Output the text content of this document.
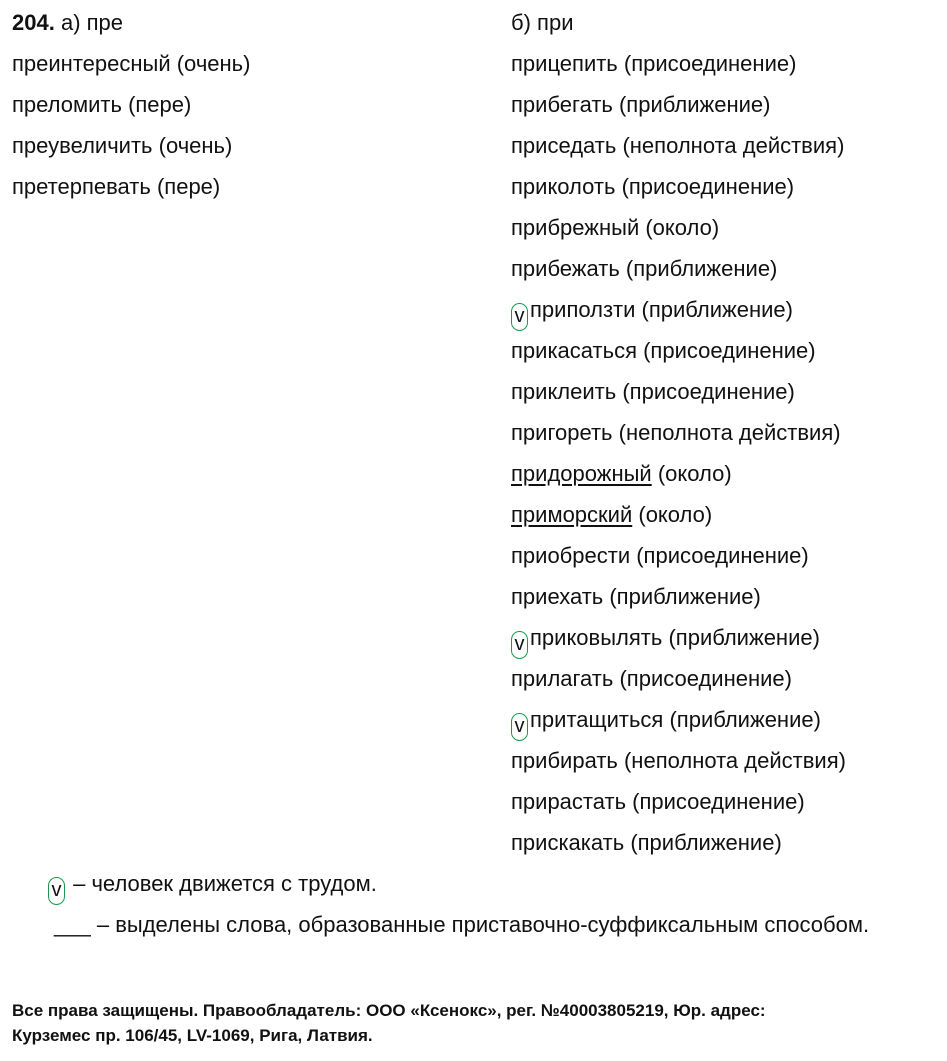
204. а) пре
преинтересный (очень)
преломить (пере)
преувеличить (очень)
претерпевать (пере)
б) при
прицепить (присоединение)
прибегать (приближение)
приседать (неполнота действия)
приколоть (присоединение)
прибрежный (около)
прибежать (приближение)
v приползти (приближение)
прикасаться (присоединение)
приклеить (присоединение)
пригореть (неполнота действия)
придорожный (около)
приморский (около)
приобрести (присоединение)
приехать (приближение)
v приковылять (приближение)
прилагать (присоединение)
v притащиться (приближение)
прибирать (неполнота действия)
прирастать (присоединение)
прискакать (приближение)
v – человек движется с трудом.
___ – выделены слова, образованные приставочно-суффиксальным способом.
Все права защищены. Правообладатель: ООО «Ксенокс», рег. №40003805219, Юр. адрес:
Курземес пр. 106/45, LV-1069, Рига, Латвия.
